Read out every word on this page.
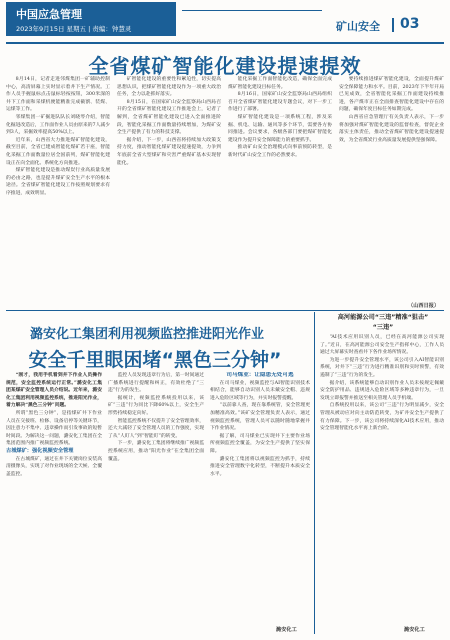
中国应急管理
2023年9月15日 星期五 | 责编：钟慧灵	矿山安全 03
全省煤矿智能化建设提速提效

8月14日，记者走进邻煤集团一矿辅助控制中心，高清屏幕上实时显示着井下生产情况。工作人员手握鼠标点击鼠标轻按按钮，300米深的井下工作面和采煤机便能精准完成截割、装煤、运煤等工作。

邻煤集团一矿掘进队队长刘晓琴介绍，智能化掘进改造后，工作面作业人员由原来的7人减少到3人，采掘效率提高50%以上。

近年来，山西省大力推进煤矿智能化建设，截至目前，全省已建成智能化煤矿若干座，智能化采掘工作面数量位居全国前列，煤矿智能化建设正在向全面化、系统化方向推进。

煤矿智能化建设是推动煤炭行业高质量发展的必由之路，也是提升煤矿安全生产水平的根本途径。全省煤矿智能化建设工作按照规划要求有序推进，成效明显。

矿智能化建设的重要性和紧迫性，切实提高思想认识，把煤矿智能化建设作为一项重大政治任务，全力以赴抓好落实。

8月15日，在国家矿山安全监察局山西局召开的全省煤矿智能化建设工作推进会上，记者了解到，全省煤矿智能化建设已进入全面推进阶段，智能化采掘工作面数量持续增加，为煤矿安全生产提供了有力的科技支撑。

据介绍，下一步，山西省将持续加大政策支持力度，推动智能化煤矿建设提速提效，力争到年底前全省大型煤矿和灾害严重煤矿基本实现智能化。

能化采掘工作面智能化改造，确保全面完成煤矿智能化建设目标任务。

8月16日，国家矿山安全监察局山西局组织召开全省煤矿智能化建设专题会议，对下一步工作进行了部署。

煤矿智能化建设是一项系统工程，涉及采掘、机电、运输、通风等多个环节，需要各方协同推进。会议要求，各级各部门要把煤矿智能化建设作为提升安全保障能力的重要抓手。

推动矿山安全治理模式向事前预防转型，是新时代矿山安全工作的必然要求。

要持续推进煤矿智能化建设，全面提升煤矿安全保障能力和水平。目前，2023年下半年开局已见成效，全省智能化采掘工作面建设持续推进，各产煤市正在全面排查智能化建设中存在的问题，确保年度目标任务如期完成。

山西省应急管理厅有关负责人表示，下一步将加强对煤矿智能化建设的监督检查，督促企业落实主体责任，推动全省煤矿智能化建设提速提效，为全省煤炭行业高质量发展提供坚强保障。

（山西日报）
潞安化工集团利用视频监控推进阳光作业
安全千里眼困堵“黑色三分钟”

“刚才，我用手机看到井下作业人员操作规范，安全监控系统运行正常。”潞安化工集团某煤矿安全管理人员介绍说。近年来，潞安化工集团利用视频监控系统，推进阳光作业，着力解决“黑色三分钟”问题。

所谓“黑色三分钟”，是指煤矿井下作业人员在交接班、检修、设备启停等关键环节，因注意力不集中、违章操作而引发事故的短暂时间段。为解决这一问题，潞安化工集团在全集团范围内推广视频监控系统。

古城煤矿：强化视频安全管理

在古城煤矿，通过在井下关键岗位安装高清摄像头，实现了对作业现场的全天候、全覆盖监控。

监控人员发现违章行为后，第一时间通过广播系统进行提醒和纠正，有效杜绝了“三违”行为的发生。

据统计，视频监控系统投用以来，该矿“三违”行为同比下降60%以上，安全生产形势持续稳定向好。

智能监控系统不仅提升了安全管理效率，还大大减轻了安全管理人员的工作强度，实现了从“人盯人”到“智能盯”的转变。

下一步，潞安化工集团将继续推广视频监控系统应用，推动“阳光作业”在全集团全面覆盖。

司马煤业：让隐患无处可逃

在司马煤业，视频监控与AI智能识别技术相结合，能够自动识别人员未戴安全帽、违规进入危险区域等行为，并实时报警提醒。

“以前靠人查，现在靠系统管，安全管理更加精准高效。”该矿安全管理负责人表示，通过视频监控系统，管理人员可以随时随地掌握井下作业情况。

据了解，司马煤业已实现井下主要作业场所视频监控全覆盖，为安全生产提供了坚实保障。

潞安化工集团将以视频监控为抓手，持续推进安全管理数字化转型，不断提升本质安全水平。

潞安化工
高河能源公司“三违”精准“狙击”
“三违”

“AI技术应用识别人员，已经在高河能源公司实现了。”近日，在高河能源公司安全生产指挥中心，工作人员通过大屏幕实时查看井下各作业场所情况。

为进一步提升安全管理水平，该公司引入AI智能识别系统，对井下“三违”行为进行精准识别和实时预警，有效遏制了“三违”行为的发生。

据介绍，该系统能够自动识别作业人员未按规定佩戴安全防护用品、违规进入危险区域等多种违章行为，一旦发现立即报警并推送至相关管理人员手机端。

自系统投用以来，该公司“三违”行为明显减少，安全管理从被动应对向主动防范转变，为矿井安全生产提供了有力保障。下一步，该公司将持续深化AI技术应用，推动安全管理智能化水平再上新台阶。

潞安化工
